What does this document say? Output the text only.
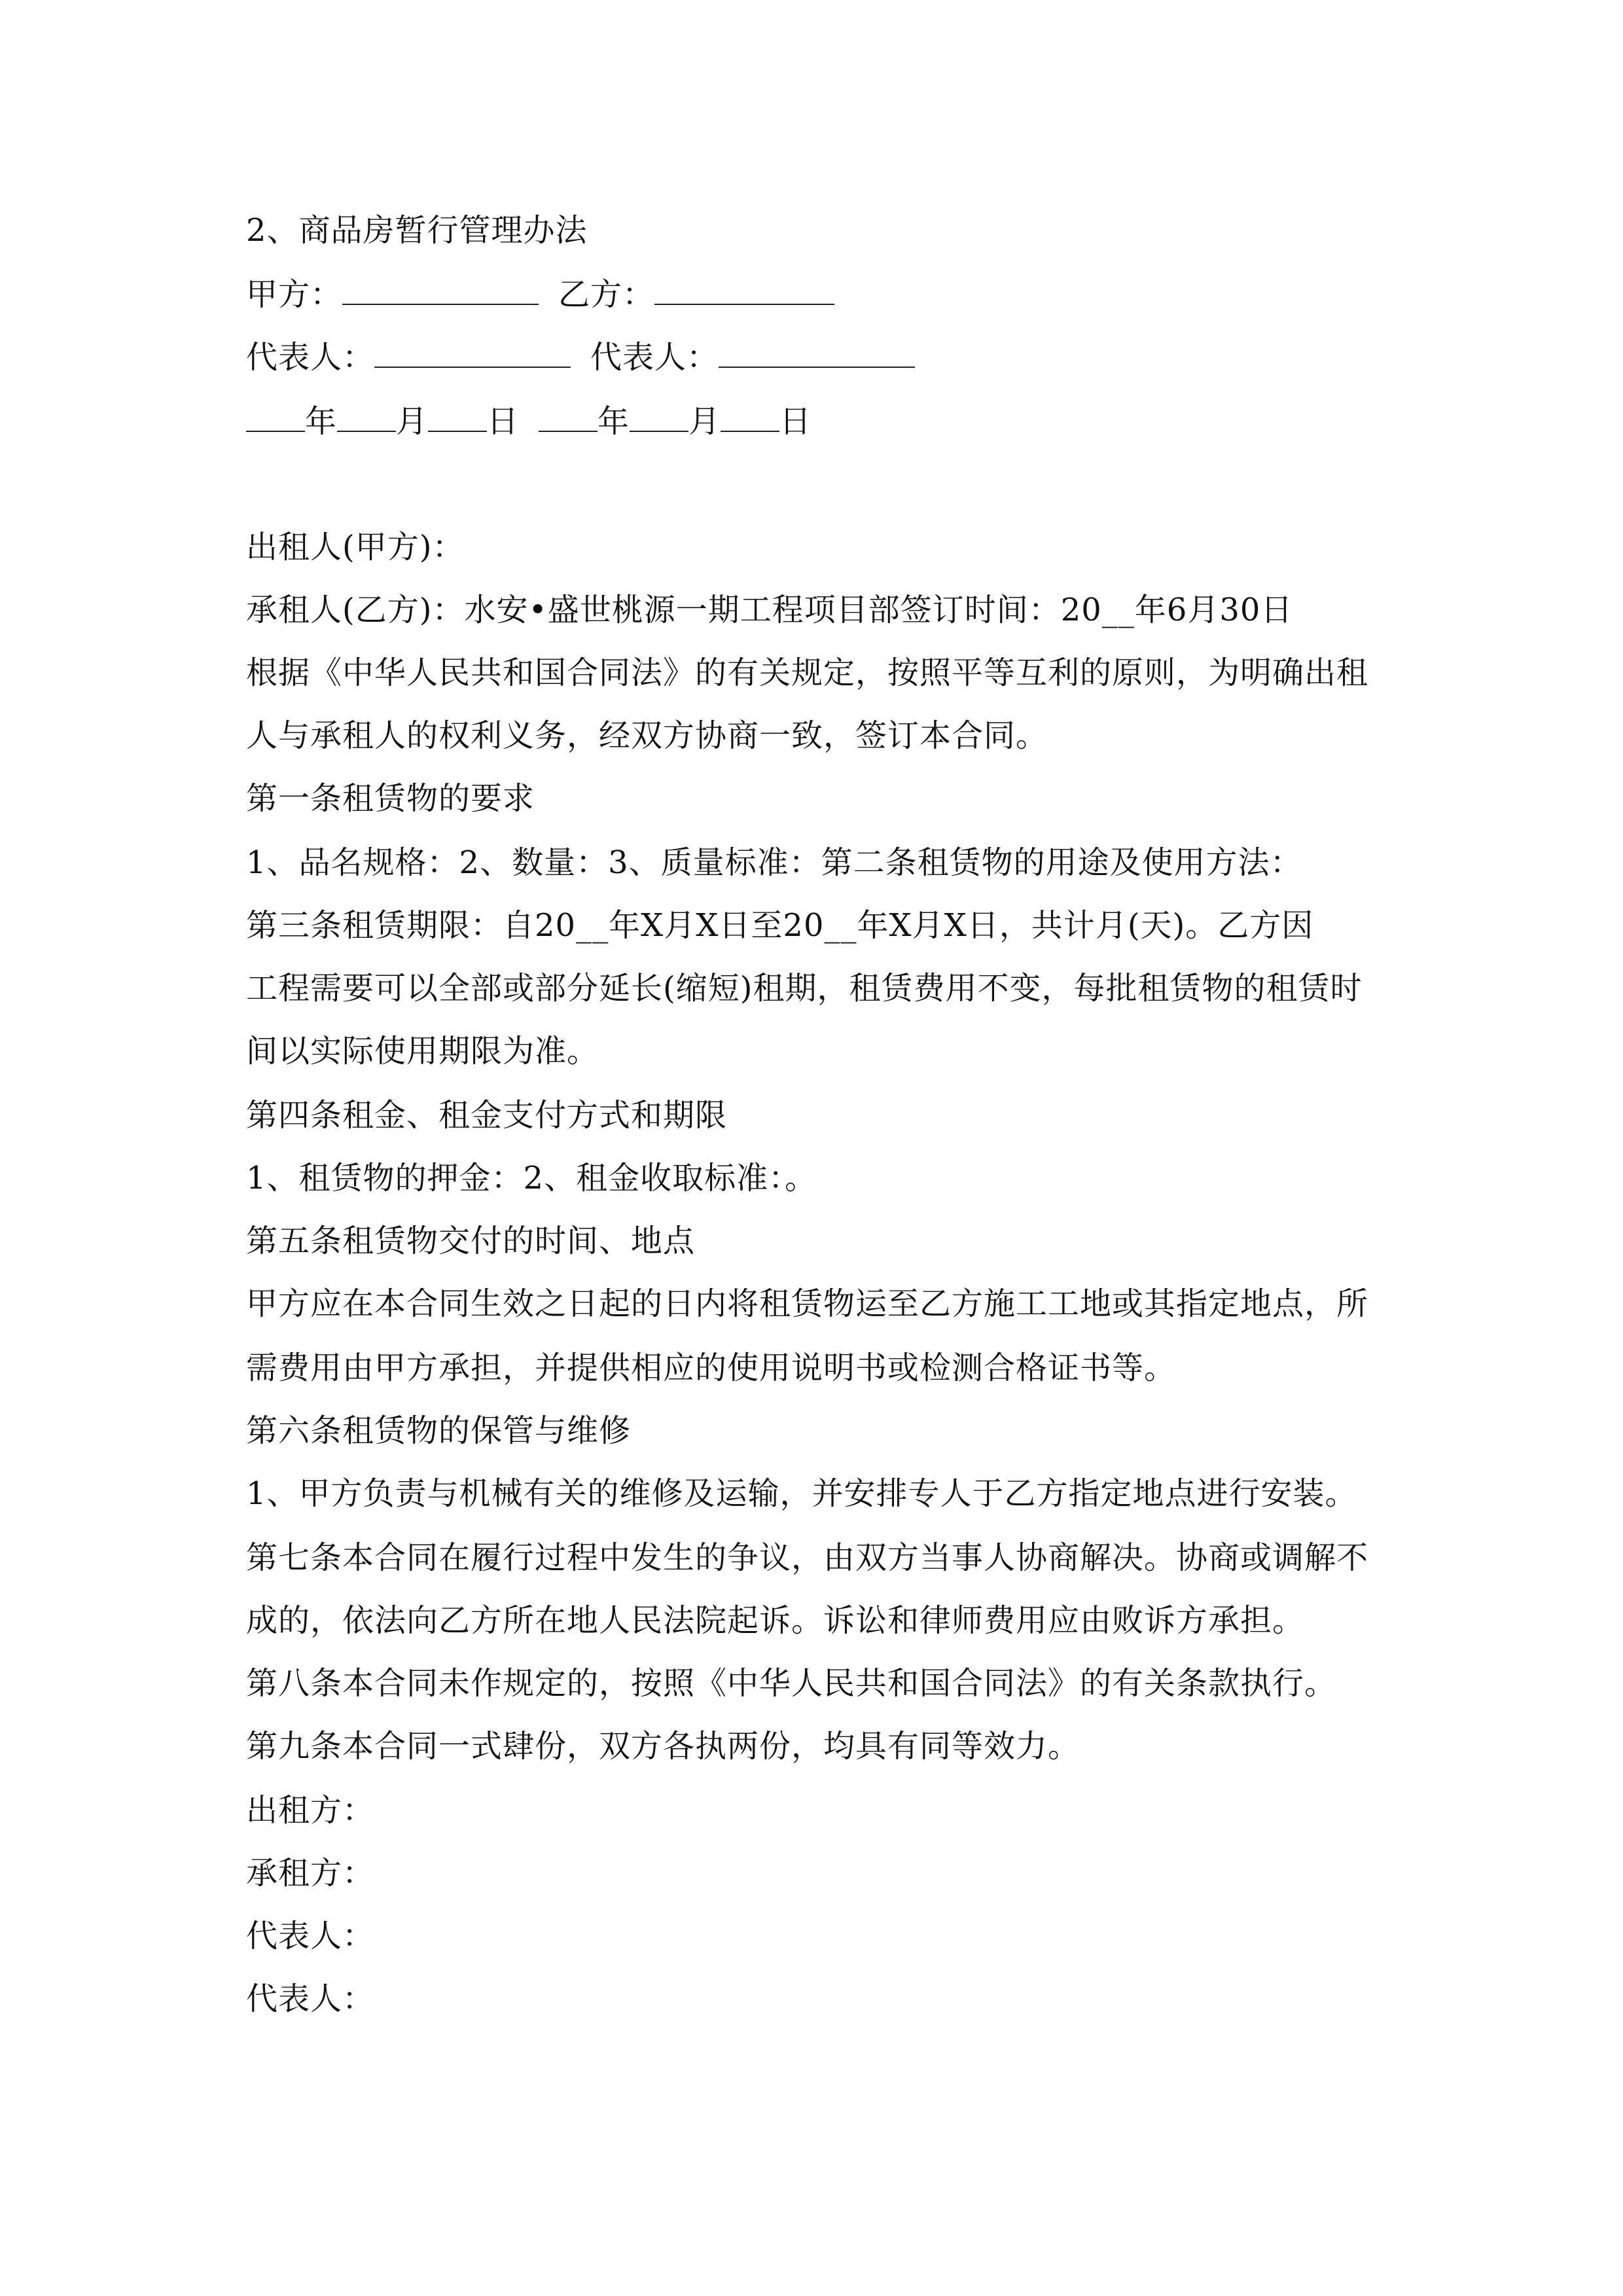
2、商品房暂行管理办法
甲方：	乙方：
代表人：	代表人：
年 月 日	年 月 日
出租人(甲方)：
承租人(乙方)：水安•盛世桃源一期工程项目部签订时间：20__年6月30日
根据《中华人民共和国合同法》的有关规定，按照平等互利的原则，为明确出租
人与承租人的权利义务，经双方协商一致，签订本合同。
第一条租赁物的要求
1、品名规格：2、数量：3、质量标准：第二条租赁物的用途及使用方法：
第三条租赁期限：自20__年X月X日至20__年X月X日，共计月(天)。乙方因
工程需要可以全部或部分延长(缩短)租期，租赁费用不变，每批租赁物的租赁时
间以实际使用期限为准。
第四条租金、租金支付方式和期限
1、租赁物的押金：2、租金收取标准：。
第五条租赁物交付的时间、地点
甲方应在本合同生效之日起的日内将租赁物运至乙方施工工地或其指定地点，所
需费用由甲方承担，并提供相应的使用说明书或检测合格证书等。
第六条租赁物的保管与维修
1、甲方负责与机械有关的维修及运输，并安排专人于乙方指定地点进行安装。
第七条本合同在履行过程中发生的争议，由双方当事人协商解决。协商或调解不
成的，依法向乙方所在地人民法院起诉。诉讼和律师费用应由败诉方承担。
第八条本合同未作规定的，按照《中华人民共和国合同法》的有关条款执行。
第九条本合同一式肆份，双方各执两份，均具有同等效力。
出租方：
承租方：
代表人：
代表人：
